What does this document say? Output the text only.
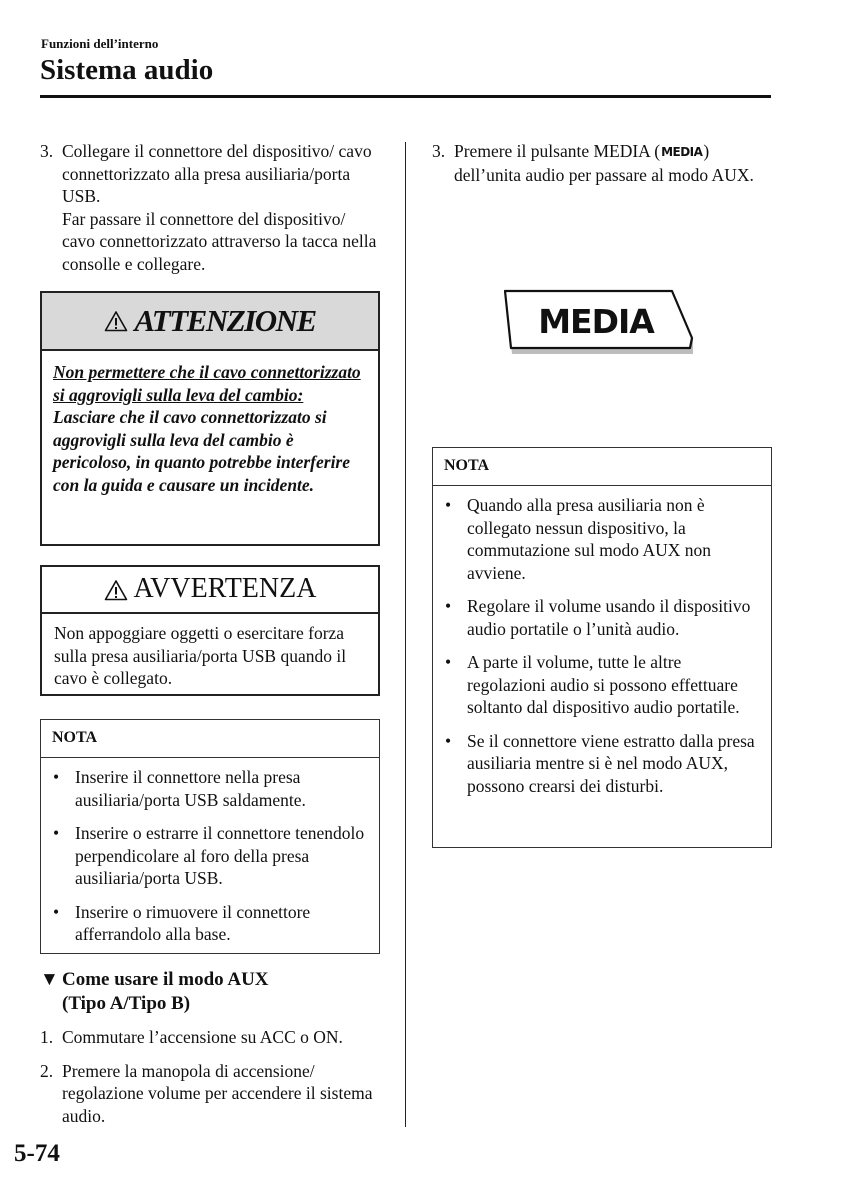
Funzioni dell’interno
Sistema audio
3. Collegare il connettore del dispositivo/ cavo connettorizzato alla presa ausiliaria/porta USB.

Far passare il connettore del dispositivo/ cavo connettorizzato attraverso la tacca nella consolle e collegare.

ATTENZIONE
Non permettere che il cavo connettorizzato si aggrovigli sulla leva del cambio:
Lasciare che il cavo connettorizzato si aggrovigli sulla leva del cambio è pericoloso, in quanto potrebbe interferire con la guida e causare un incidente.
AVVERTENZA
Non appoggiare oggetti o esercitare forza sulla presa ausiliaria/porta USB quando il cavo è collegato.
NOTA
• Inserire il connettore nella presa ausiliaria/porta USB saldamente.
• Inserire o estrarre il connettore tenendolo perpendicolare al foro della presa ausiliaria/porta USB.
• Inserire o rimuovere il connettore afferrandolo alla base.
▼ Come usare il modo AUX
(Tipo A/Tipo B)
1. Commutare l’accensione su ACC o ON.
2. Premere la manopola di accensione/ regolazione volume per accendere il sistema audio.
3. Premere il pulsante MEDIA (MEDIA) dell’unita audio per passare al modo AUX.
MEDIA
NOTA
• Quando alla presa ausiliaria non è collegato nessun dispositivo, la commutazione sul modo AUX non avviene.
• Regolare il volume usando il dispositivo audio portatile o l’unità audio.
• A parte il volume, tutte le altre regolazioni audio si possono effettuare soltanto dal dispositivo audio portatile.
• Se il connettore viene estratto dalla presa ausiliaria mentre si è nel modo AUX, possono crearsi dei disturbi.
5-74
